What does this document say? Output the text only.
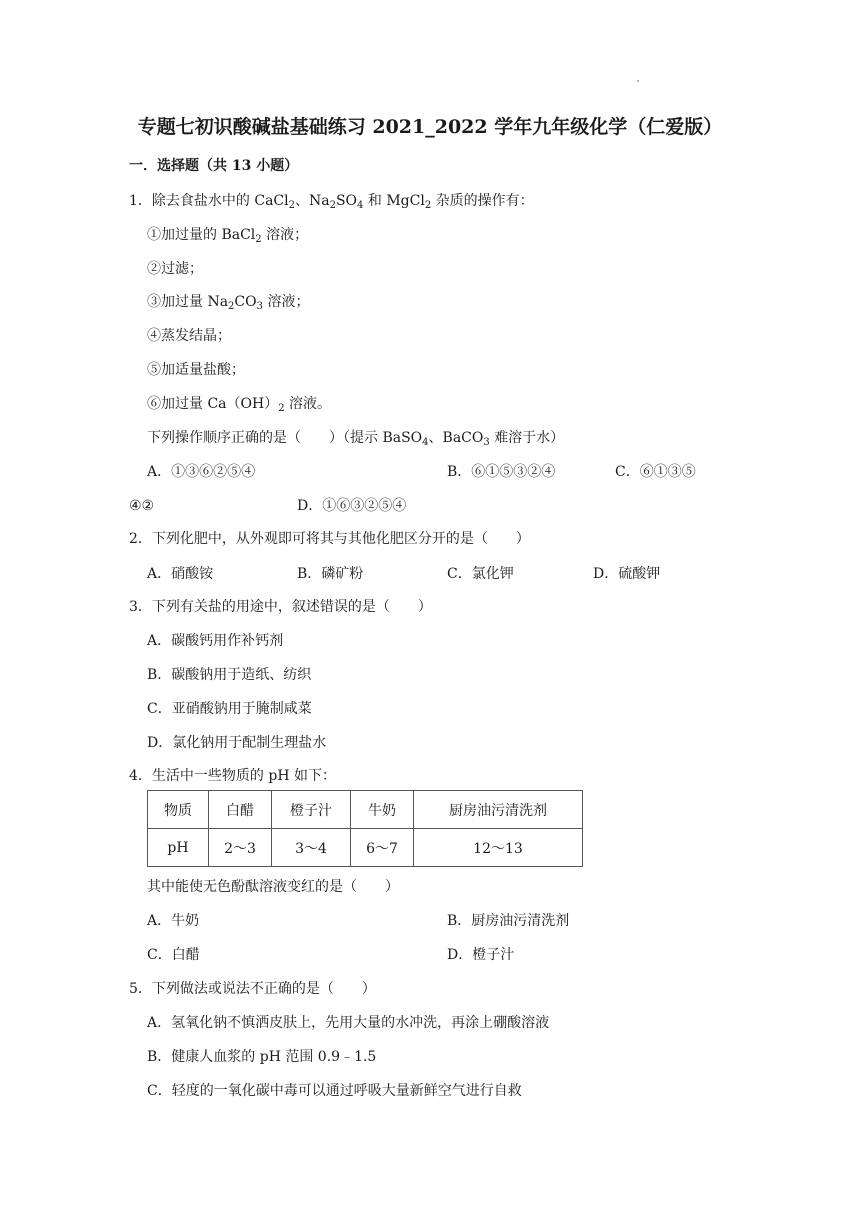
专题七初识酸碱盐基础练习 2021_2022 学年九年级化学（仁爱版）
一．选择题（共 13 小题）
1．除去食盐水中的 CaCl$_2$、$Na_2SO_4$ 和 MgCl$_2$ 杂质的操作有：
①加过量的 BaCl$_2$ 溶液；
②过滤；
③加过量 $Na_2CO_3$ 溶液；
④蒸发结晶；
⑤加适量盐酸；
⑥加过量 $Ca(OH)_2$ 溶液。
下列操作顺序正确的是（　　）（提示 BaSO$_4$、BaCO$_3$ 难溶于水）
A．①③⑥②⑤④	B．⑥①⑤③②④	C．⑥①③⑤
④②	D．①⑥③②⑤④
2．下列化肥中，从外观即可将其与其他化肥区分开的是（　　）
A．硝酸铵	B．磷矿粉	C．氯化钾	D．硫酸钾
3．下列有关盐的用途中，叙述错误的是（　　）
A．碳酸钙用作补钙剂
B．碳酸钠用于造纸、纺织
C．亚硝酸钠用于腌制咸菜
D．氯化钠用于配制生理盐水
4．生活中一些物质的 pH 如下：
物质	白醋	橙子汁	牛奶	厨房油污清洗剂
pH	2～3	3～4	6～7	12～13
其中能使无色酚酞溶液变红的是（　　）
A．牛奶	B．厨房油污清洗剂
C．白醋	D．橙子汁
5．下列做法或说法不正确的是（　　）
A．氢氧化钠不慎洒皮肤上，先用大量的水冲洗，再涂上硼酸溶液
B．健康人血浆的 pH 范围 0.9﹣1.5
C．轻度的一氧化碳中毒可以通过呼吸大量新鲜空气进行自救
